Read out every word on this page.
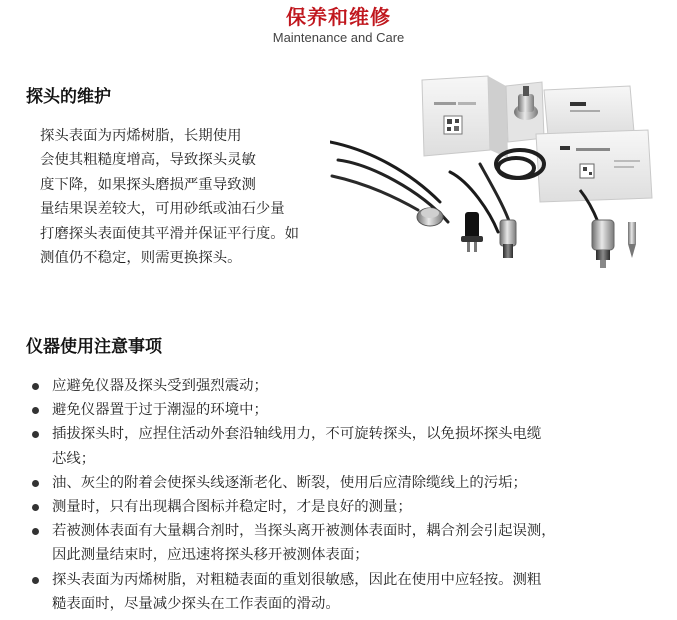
保养和维修
Maintenance and Care
探头的维护
探头表面为丙烯树脂，长期使用
会使其粗糙度增高，导致探头灵敏
度下降，如果探头磨损严重导致测
量结果误差较大，可用砂纸或油石少量
打磨探头表面使其平滑并保证平行度。如
测值仍不稳定，则需更换探头。
仪器使用注意事项
应避免仪器及探头受到强烈震动；
避免仪器置于过于潮湿的环境中；
插拔探头时，应捏住活动外套沿轴线用力，不可旋转探头，以免损坏探头电缆
芯线；
油、灰尘的附着会使探头线逐渐老化、断裂，使用后应清除缆线上的污垢；
测量时，只有出现耦合图标并稳定时，才是良好的测量；
若被测体表面有大量耦合剂时，当探头离开被测体表面时，耦合剂会引起误测，
因此测量结束时，应迅速将探头移开被测体表面；
探头表面为丙烯树脂，对粗糙表面的重划很敏感，因此在使用中应轻按。测粗
糙表面时，尽量减少探头在工作表面的滑动。
